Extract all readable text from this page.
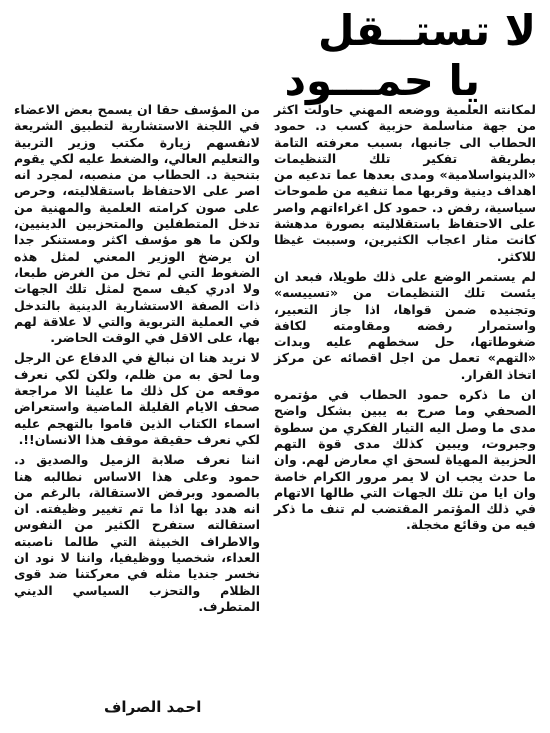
لا تستــقل
يا حمـــود

لمكانته العلمية ووضعه المهني حاولت اكثر من جهة مناسلمة حزبية كسب د. حمود الحطاب الى جانبها، بسبب معرفته التامة بطريقة تفكير تلك التنظيمات «الدينواسلامية» ومدى بعدها عما تدعيه من اهداف دينية وقربها مما تنفيه من طموحات سياسية، رفض د. حمود كل اغراءاتهم واصر على الاحتفاظ باستقلاليته بصورة مدهشة كانت مثار اعجاب الكثيرين، وسببت غيظا للاكثر.

لم يستمر الوضع على ذلك طويلا، فبعد ان يئست تلك التنظيمات من «تسييسه» وتجنيده ضمن قواها، اذا جاز التعبير، واستمرار رفضه ومقاومته لكافة ضغوطاتها، حل سخطهم عليه وبدات «التهم» تعمل من اجل اقصائه عن مركز اتخاذ القرار.

ان ما ذكره حمود الحطاب في مؤتمره الصحفي وما صرح به يبين بشكل واضح مدى ما وصل اليه التيار الفكري من سطوة وجبروت، ويبين كذلك مدى قوة التهم الحزبية المهياة لسحق اي معارض لهم. وان ما حدث يجب ان لا يمر مرور الكرام خاصة وان ايا من تلك الجهات التي طالها الاتهام في ذلك المؤتمر المقتضب لم تنف ما ذكر فيه من وقائع مخجلة.

من المؤسف حقا ان يسمح بعض الاعضاء في اللجنة الاستشارية لتطبيق الشريعة لانفسهم زيارة مكتب وزير التربية والتعليم العالي، والضغط عليه لكي يقوم بتنحية د. الحطاب من منصبه، لمجرد انه اصر على الاحتفاظ باستقلاليته، وحرص على صون كرامته العلمية والمهنية من تدخل المتطفلين والمتحزبين الدينيين، ولكن ما هو مؤسف اكثر ومستنكر جدا ان يرضخ الوزير المعني لمثل هذه الضغوط التي لم تخل من الغرض طبعا، ولا ادري كيف سمح لمثل تلك الجهات ذات الصفة الاستشارية الدينية بالتدخل في العملية التربوية والتي لا علاقة لهم بها، على الاقل في الوقت الحاضر.

لا نريد هنا ان نبالغ في الدفاع عن الرجل وما لحق به من ظلم، ولكن لكي نعرف موقعه من كل ذلك ما علينا الا مراجعة صحف الايام القليلة الماضية واستعراض اسماء الكتاب الذين قاموا بالتهجم عليه لكي نعرف حقيقة موقف هذا الانسان!!.

اننا نعرف صلابة الزميل والصديق د. حمود وعلى هذا الاساس نطالبه هنا بالصمود وبرفض الاستقالة، بالرغم من انه هدد بها اذا ما تم تغيير وظيفته. ان استقالته ستفرح الكثير من النفوس والاطراف الخبيثة التي طالما ناصبته العداء، شخصيا ووظيفيا، واننا لا نود ان نخسر جنديا مثله في معركتنا ضد قوى الظلام والتحزب السياسي الديني المتطرف.

احمد الصراف
